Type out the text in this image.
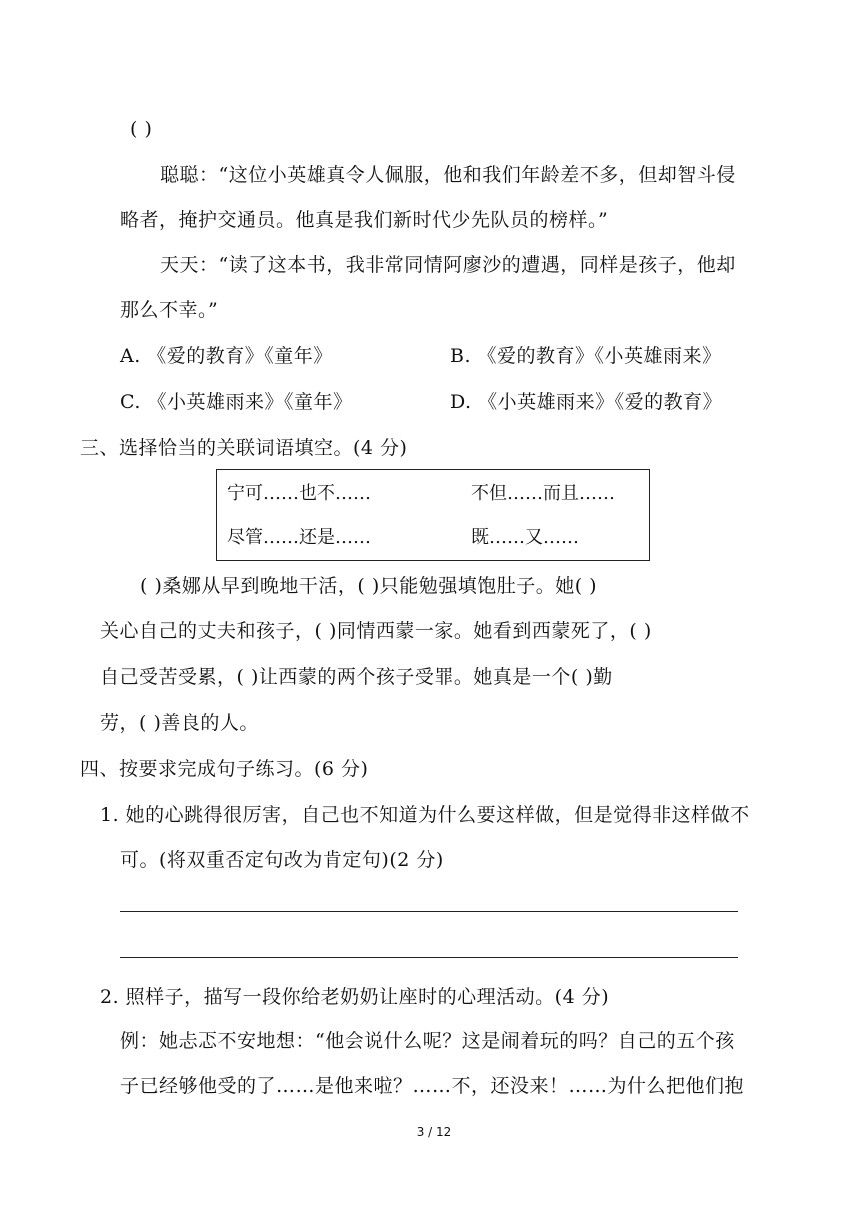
( )
聪聪：“这位小英雄真令人佩服，他和我们年龄差不多，但却智斗侵
略者，掩护交通员。他真是我们新时代少先队员的榜样。”
天天：“读了这本书，我非常同情阿廖沙的遭遇，同样是孩子，他却
那么不幸。”
A. 《爱的教育》《童年》	B. 《爱的教育》《小英雄雨来》
C. 《小英雄雨来》《童年》	D. 《小英雄雨来》《爱的教育》
三、选择恰当的关联词语填空。(4 分)
宁可……也不……	不但……而且……
尽管……还是……	既……又……
( )桑娜从早到晚地干活，( )只能勉强填饱肚子。她( )
关心自己的丈夫和孩子，( )同情西蒙一家。她看到西蒙死了，( )
自己受苦受累，( )让西蒙的两个孩子受罪。她真是一个( )勤
劳，( )善良的人。
四、按要求完成句子练习。(6 分)
1. 她的心跳得很厉害，自己也不知道为什么要这样做，但是觉得非这样做不
可。(将双重否定句改为肯定句)(2 分)
2. 照样子，描写一段你给老奶奶让座时的心理活动。(4 分)
例：她忐忑不安地想：“他会说什么呢？这是闹着玩的吗？自己的五个孩
子已经够他受的了……是他来啦？……不，还没来！……为什么把他们抱
3 / 12
